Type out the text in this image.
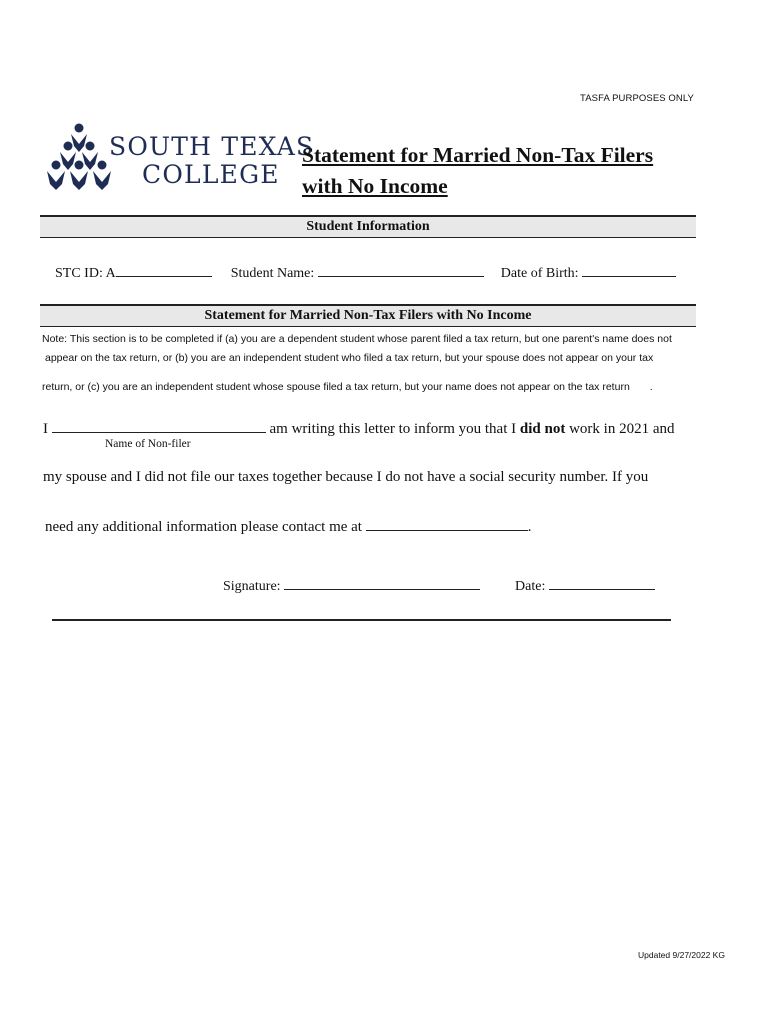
TASFA PURPOSES ONLY
SOUTH TEXAS
COLLEGE
Statement for Married Non-Tax Filers
with No Income
Student Information
STC ID: A	Student Name:	Date of Birth:
Statement for Married Non-Tax Filers with No Income
Note: This section is to be completed if (a) you are a dependent student whose parent filed a tax return, but one parent's name does not
appear on the tax return, or (b) you are an independent student who filed a tax return, but your spouse does not appear on your tax
return, or (c) you are an independent student whose spouse filed a tax return, but your name does not appear on the tax return .
I	am writing this letter to inform you that I did not work in 2021 and
Name of Non-filer
my spouse and I did not file our taxes together because I do not have a social security number. If you
need any additional information please contact me at	.
Signature:	Date:
Updated 9/27/2022 KG
